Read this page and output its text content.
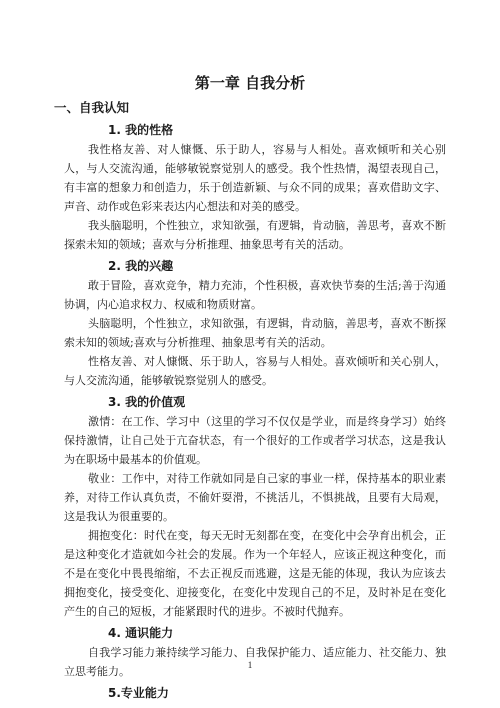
第一章 自我分析
一、自我认知
1. 我的性格

我性格友善、对人慷慨、乐于助人，容易与人相处。喜欢倾听和关心别人，与人交流沟通，能够敏锐察觉别人的感受。我个性热情，渴望表现自己，有丰富的想象力和创造力，乐于创造新颖、与众不同的成果；喜欢借助文字、声音、动作或色彩来表达内心想法和对美的感受。

我头脑聪明，个性独立，求知欲强，有逻辑，肯动脑，善思考，喜欢不断探索未知的领域；喜欢与分析推理、抽象思考有关的活动。

2. 我的兴趣

敢于冒险，喜欢竞争，精力充沛，个性积极，喜欢快节奏的生活;善于沟通协调，内心追求权力、权威和物质财富。

头脑聪明，个性独立，求知欲强，有逻辑，肯动脑，善思考，喜欢不断探索未知的领域;喜欢与分析推理、抽象思考有关的活动。

性格友善、对人慷慨、乐于助人，容易与人相处。喜欢倾听和关心别人，与人交流沟通，能够敏锐察觉别人的感受。

3. 我的价值观

激情：在工作、学习中（这里的学习不仅仅是学业，而是终身学习）始终保持激情，让自己处于亢奋状态，有一个很好的工作或者学习状态，这是我认为在职场中最基本的价值观。

敬业：工作中，对待工作就如同是自己家的事业一样，保持基本的职业素养，对待工作认真负责，不偷奸耍滑，不挑活儿，不惧挑战，且要有大局观，这是我认为很重要的。

拥抱变化：时代在变，每天无时无刻都在变，在变化中会孕育出机会，正是这种变化才造就如今社会的发展。作为一个年轻人，应该正视这种变化，而不是在变化中畏畏缩缩，不去正视反而逃避，这是无能的体现，我认为应该去拥抱变化，接受变化、迎接变化，在变化中发现自己的不足，及时补足在变化产生的自己的短板，才能紧跟时代的进步。不被时代抛弃。

4. 通识能力

自我学习能力兼持续学习能力、自我保护能力、适应能力、社交能力、独立思考能力。

5.专业能力
1
